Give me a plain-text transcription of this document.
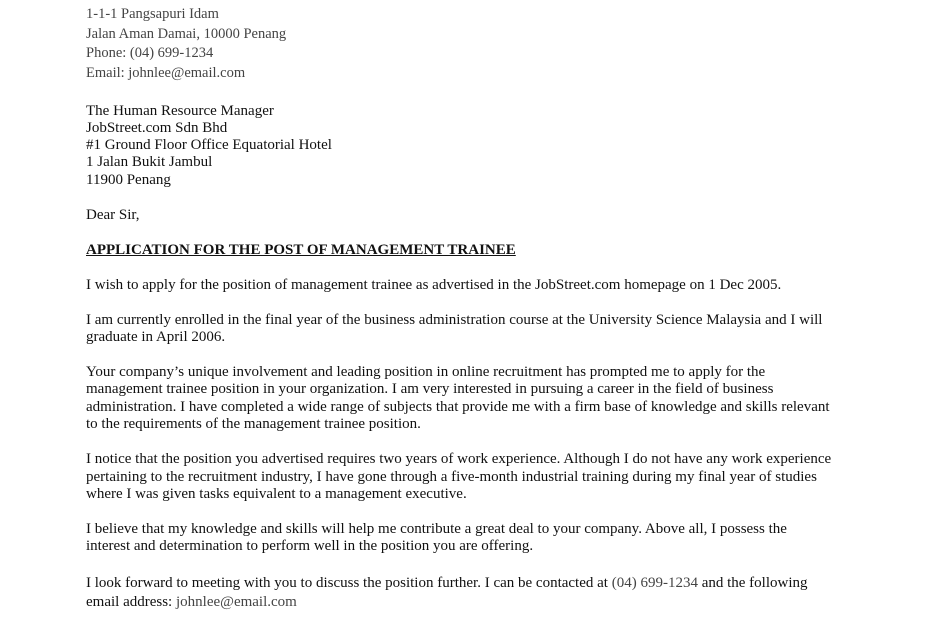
1-1-1 Pangsapuri Idam
Jalan Aman Damai, 10000 Penang
Phone: (04) 699-1234
Email: johnlee@email.com
The Human Resource Manager
JobStreet.com Sdn Bhd
#1 Ground Floor Office Equatorial Hotel
1 Jalan Bukit Jambul
11900 Penang
Dear Sir,
APPLICATION FOR THE POST OF MANAGEMENT TRAINEE
I wish to apply for the position of management trainee as advertised in the JobStreet.com homepage on 1 Dec 2005.
I am currently enrolled in the final year of the business administration course at the University Science Malaysia and I will
graduate in April 2006.
Your company’s unique involvement and leading position in online recruitment has prompted me to apply for the
management trainee position in your organization. I am very interested in pursuing a career in the field of business
administration. I have completed a wide range of subjects that provide me with a firm base of knowledge and skills relevant
to the requirements of the management trainee position.
I notice that the position you advertised requires two years of work experience. Although I do not have any work experience
pertaining to the recruitment industry, I have gone through a five-month industrial training during my final year of studies
where I was given tasks equivalent to a management executive.
I believe that my knowledge and skills will help me contribute a great deal to your company. Above all, I possess the
interest and determination to perform well in the position you are offering.
I look forward to meeting with you to discuss the position further. I can be contacted at (04) 699-1234 and the following
email address: johnlee@email.com
